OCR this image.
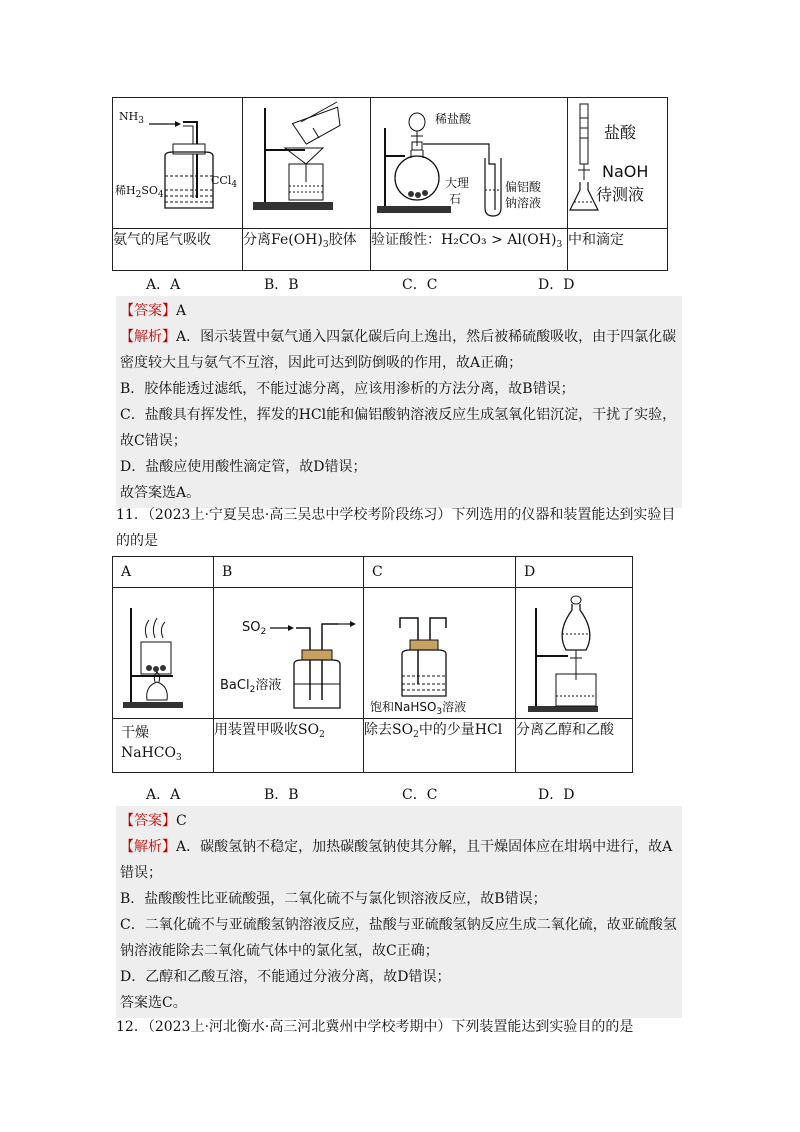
$NH_3$
稀$H_2SO_4$
CCl$_4$		稀盐酸
大理
石
偏铝酸
钠溶液	盐酸
NaOH
待测液

氨气的尾气吸收	分离$Fe(OH)_3$胶体	验证酸性：$H_2CO_3 > Al(OH)_3$	中和滴定
A．A	B．B	C．C	D．D

【答案】A

【解析】A．图示装置中氨气通入四氯化碳后向上逸出，然后被稀硫酸吸收，由于四氯化碳密度较大且与氨气不互溶，因此可达到防倒吸的作用，故A正确；

B．胶体能透过滤纸，不能过滤分离，应该用渗析的方法分离，故B错误；

C．盐酸具有挥发性，挥发的HCl能和偏铝酸钠溶液反应生成氢氧化铝沉淀，干扰了实验，故C错误；

D．盐酸应使用酸性滴定管，故D错误；

故答案选A。

11．（2023上·宁夏吴忠·高三吴忠中学校考阶段练习）下列选用的仪器和装置能达到实验目的的是
A	B	C	D

$SO_2$
BaCl$_2$溶液	饱和NaHSO$_3$溶液

干燥
NaHCO$_3$	用装置甲吸收$SO_2$	除去$SO_2$中的少量HCl	分离乙醇和乙酸
A．A	B．B	C．C	D．D

【答案】C

【解析】A．碳酸氢钠不稳定，加热碳酸氢钠使其分解，且干燥固体应在坩埚中进行，故A错误；

B．盐酸酸性比亚硫酸强，二氧化硫不与氯化钡溶液反应，故B错误；

C．二氧化硫不与亚硫酸氢钠溶液反应，盐酸与亚硫酸氢钠反应生成二氧化硫，故亚硫酸氢钠溶液能除去二氧化硫气体中的氯化氢，故C正确；

D．乙醇和乙酸互溶，不能通过分液分离，故D错误；

答案选C。

12．（2023上·河北衡水·高三河北冀州中学校考期中）下列装置能达到实验目的的是
